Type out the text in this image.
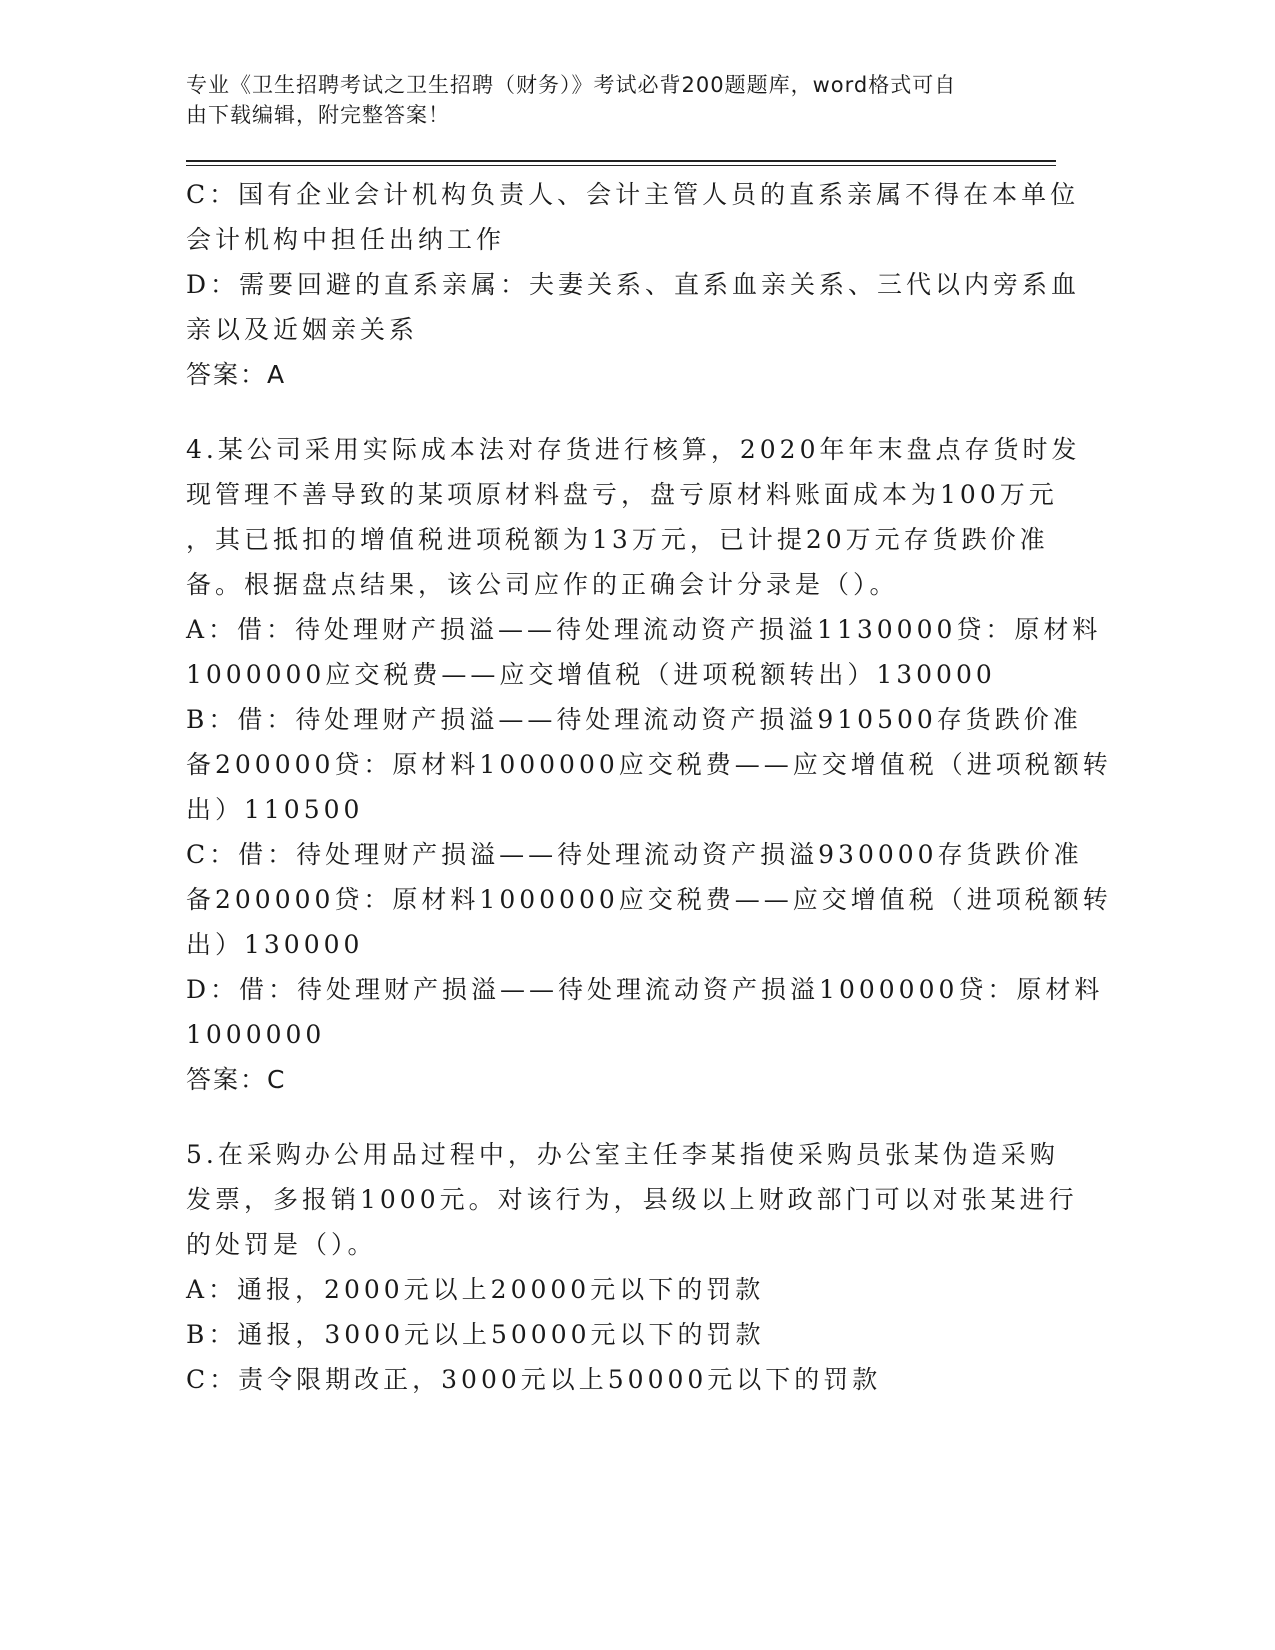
专业《卫生招聘考试之卫生招聘（财务）》考试必背200题题库，word格式可自
由下载编辑，附完整答案！
C：国有企业会计机构负责人、会计主管人员的直系亲属不得在本单位
会计机构中担任出纳工作
D：需要回避的直系亲属：夫妻关系、直系血亲关系、三代以内旁系血
亲以及近姻亲关系
答案：A
4.某公司采用实际成本法对存货进行核算，2020年年末盘点存货时发
现管理不善导致的某项原材料盘亏，盘亏原材料账面成本为100万元
，其已抵扣的增值税进项税额为13万元，已计提20万元存货跌价准
备。根据盘点结果，该公司应作的正确会计分录是（）。
A：借：待处理财产损溢——待处理流动资产损溢1130000贷：原材料
1000000应交税费——应交增值税（进项税额转出）130000
B：借：待处理财产损溢——待处理流动资产损溢910500存货跌价准
备200000贷：原材料1000000应交税费——应交增值税（进项税额转
出）110500
C：借：待处理财产损溢——待处理流动资产损溢930000存货跌价准
备200000贷：原材料1000000应交税费——应交增值税（进项税额转
出）130000
D：借：待处理财产损溢——待处理流动资产损溢1000000贷：原材料
1000000
答案：C
5.在采购办公用品过程中，办公室主任李某指使采购员张某伪造采购
发票，多报销1000元。对该行为，县级以上财政部门可以对张某进行
的处罚是（）。
A：通报，2000元以上20000元以下的罚款
B：通报，3000元以上50000元以下的罚款
C：责令限期改正，3000元以上50000元以下的罚款
